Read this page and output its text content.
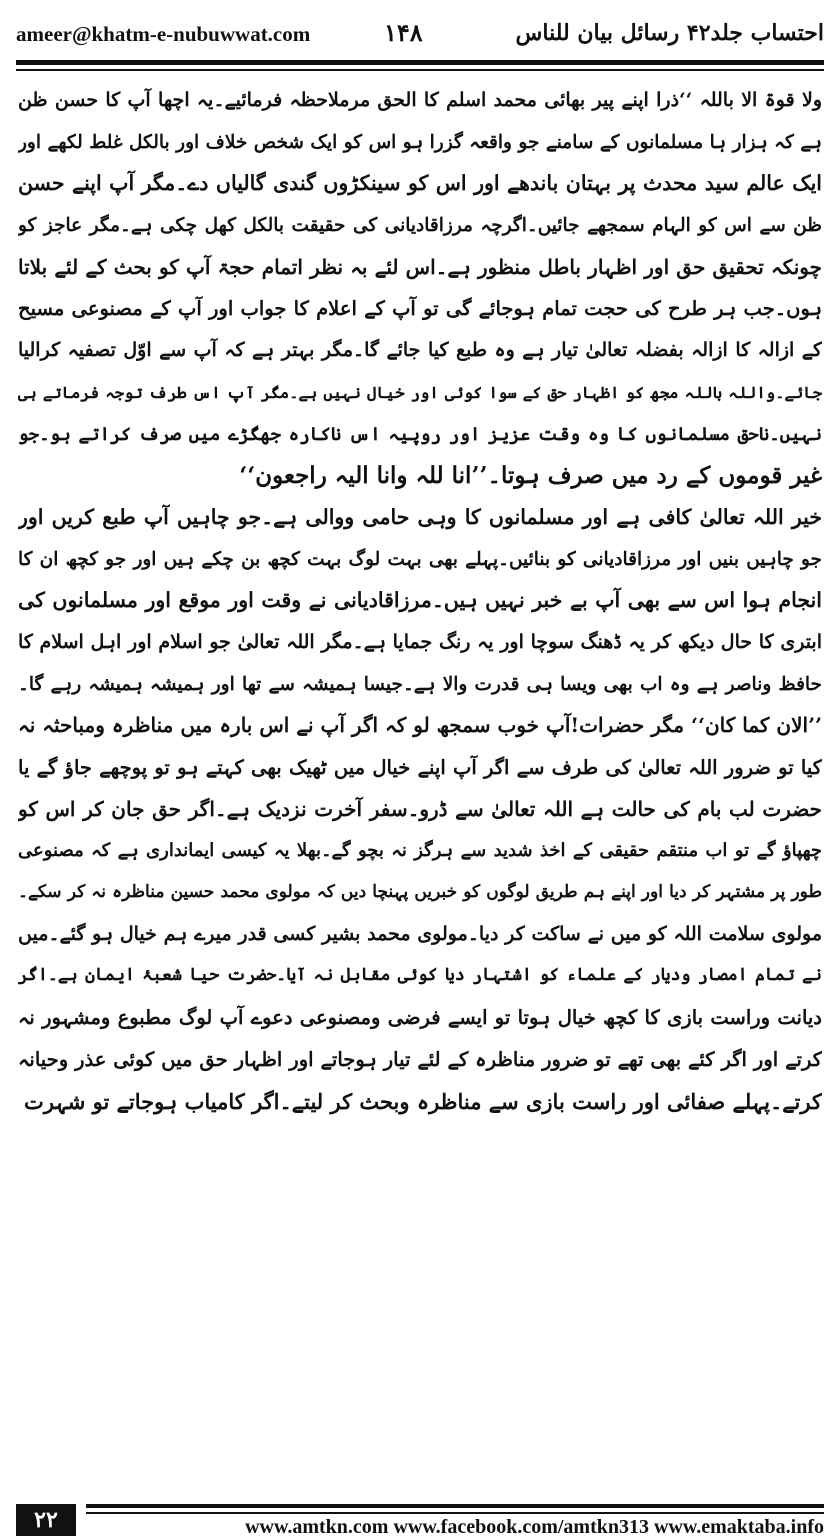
ameer@khatm-e-nubuwwat.com	۱۴۸	احتساب جلد۴۲ رسائل بیان للناس
ولا قوۃ الا باللہ ‘‘ذرا اپنے پیر بھائی محمد اسلم کا الحق مرملاحظہ فرمائیے۔یہ اچھا آپ کا حسن ظن
ہے کہ ہزار ہا مسلمانوں کے سامنے جو واقعہ گزرا ہو اس کو ایک شخص خلاف اور بالکل غلط لکھے اور
ایک عالم سید محدث پر بہتان باندھے اور اس کو سینکڑوں گندی گالیاں دے۔مگر آپ اپنے حسن
ظن سے اس کو الہام سمجھے جائیں۔اگرچہ مرزاقادیانی کی حقیقت بالکل کھل چکی ہے۔مگر عاجز کو
چونکہ تحقیق حق اور اظہار باطل منظور ہے۔اس لئے بہ نظر اتمام حجۃ آپ کو بحث کے لئے بلاتا
ہوں۔جب ہر طرح کی حجت تمام ہوجائے گی تو آپ کے اعلام کا جواب اور آپ کے مصنوعی مسیح
کے ازالہ کا ازالہ بفضلہ تعالیٰ تیار ہے وہ طبع کیا جائے گا۔مگر بہتر ہے کہ آپ سے اوّل تصفیہ کرالیا
جائے۔واللہ باللہ مجھ کو اظہار حق کے سوا کوئی اور خیال نہیں ہے۔مگر آپ اس طرف توجہ فرماتے ہی
نہیں۔ناحق مسلمانوں کا وہ وقت عزیز اور روپیہ اس ناکارہ جھگڑے میں صرف کراتے ہو۔جو
غیر قوموں کے رد میں صرف ہوتا۔’’انا للہ وانا الیہ راجعون‘‘
خیر اللہ تعالیٰ کافی ہے اور مسلمانوں کا وہی حامی ووالی ہے۔جو چاہیں آپ طبع کریں اور
جو چاہیں بنیں اور مرزاقادیانی کو بنائیں۔پہلے بھی بہت لوگ بہت کچھ بن چکے ہیں اور جو کچھ ان کا
انجام ہوا اس سے بھی آپ بے خبر نہیں ہیں۔مرزاقادیانی نے وقت اور موقع اور مسلمانوں کی
ابتری کا حال دیکھ کر یہ ڈھنگ سوچا اور یہ رنگ جمایا ہے۔مگر اللہ تعالیٰ جو اسلام اور اہل اسلام کا
حافظ وناصر ہے وہ اب بھی ویسا ہی قدرت والا ہے۔جیسا ہمیشہ سے تھا اور ہمیشہ ہمیشہ رہے گا۔
’’الان کما کان‘‘ مگر حضرات!آپ خوب سمجھ لو کہ اگر آپ نے اس بارہ میں مناظرہ ومباحثہ نہ
کیا تو ضرور اللہ تعالیٰ کی طرف سے اگر آپ اپنے خیال میں ٹھیک بھی کہتے ہو تو پوچھے جاؤ گے یا
حضرت لب بام کی حالت ہے اللہ تعالیٰ سے ڈرو۔سفر آخرت نزدیک ہے۔اگر حق جان کر اس کو
چھپاؤ گے تو اب منتقم حقیقی کے اخذ شدید سے ہرگز نہ بچو گے۔بھلا یہ کیسی ایمانداری ہے کہ مصنوعی
طور پر مشتہر کر دیا اور اپنے ہم طریق لوگوں کو خبریں پہنچا دیں کہ مولوی محمد حسین مناظرہ نہ کر سکے۔
مولوی سلامت اللہ کو میں نے ساکت کر دیا۔مولوی محمد بشیر کسی قدر میرے ہم خیال ہو گئے۔میں
نے تمام امصار ودیار کے علماء کو اشتہار دیا کوئی مقابل نہ آیا۔حضرت حیا شعبۂ ایمان ہے۔اگر
دیانت وراست بازی کا کچھ خیال ہوتا تو ایسے فرضی ومصنوعی دعوے آپ لوگ مطبوع ومشہور نہ
کرتے اور اگر کئے بھی تھے تو ضرور مناظرہ کے لئے تیار ہوجاتے اور اظہار حق میں کوئی عذر وحیانہ
کرتے۔پہلے صفائی اور راست بازی سے مناظرہ وبحث کر لیتے۔اگر کامیاب ہوجاتے تو شہرت
۲۲	www.amtkn.com www.facebook.com/amtkn313 www.emaktaba.info
